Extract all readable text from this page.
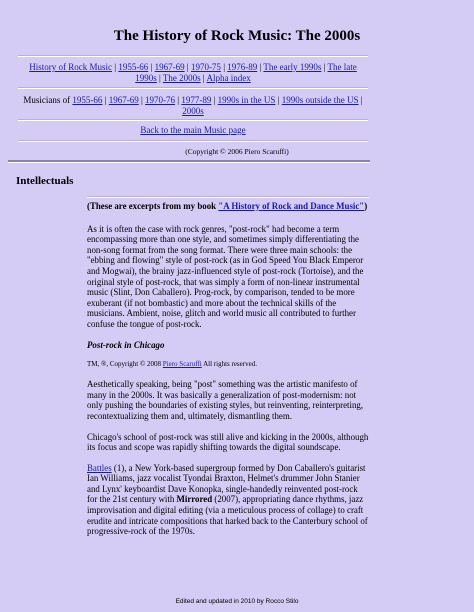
The History of Rock Music: The 2000s
History of Rock Music | 1955-66 | 1967-69 | 1970-75 | 1976-89 | The early 1990s | The late 1990s | The 2000s | Alpha index
Musicians of 1955-66 | 1967-69 | 1970-76 | 1977-89 | 1990s in the US | 1990s outside the US | 2000s
Back to the main Music page
(Copyright © 2006 Piero Scaruffi)
Intellectuals

(These are excerpts from my book "A History of Rock and Dance Music")

As it is often the case with rock genres, "post-rock" had become a term encompassing more than one style, and sometimes simply differentiating the non-song format from the song format. There were three main schools: the "ebbing and flowing" style of post-rock (as in God Speed You Black Emperor and Mogwai), the brainy jazz-influenced style of post-rock (Tortoise), and the original style of post-rock, that was simply a form of non-linear instrumental music (Slint, Don Caballero). Prog-rock, by comparison, tended to be more exuberant (if not bombastic) and more about the technical skills of the musicians. Ambient, noise, glitch and world music all contributed to further confuse the tongue of post-rock.

Post-rock in Chicago

TM, ®, Copyright © 2008 Piero Scaruffi All rights reserved.

Aesthetically speaking, being "post" something was the artistic manifesto of many in the 2000s. It was basically a generalization of post-modernism: not only pushing the boundaries of existing styles, but reinventing, reinterpreting, recontextualizing them and, ultimately, dismantling them.

Chicago's school of post-rock was still alive and kicking in the 2000s, although its focus and scope was rapidly shifting towards the digital soundscape.

Battles (1), a New York-based supergroup formed by Don Caballero's guitarist Ian Williams, jazz vocalist Tyondai Braxton, Helmet's drummer John Stanier and Lynx' keyboardist Dave Konopka, single-handedly reinvented post-rock for the 21st century with Mirrored (2007), appropriating dance rhythms, jazz improvisation and digital editing (via a meticulous process of collage) to craft erudite and intricate compositions that harked back to the Canterbury school of progressive-rock of the 1970s.

Edited and updated in 2010 by Rocco Stilo
